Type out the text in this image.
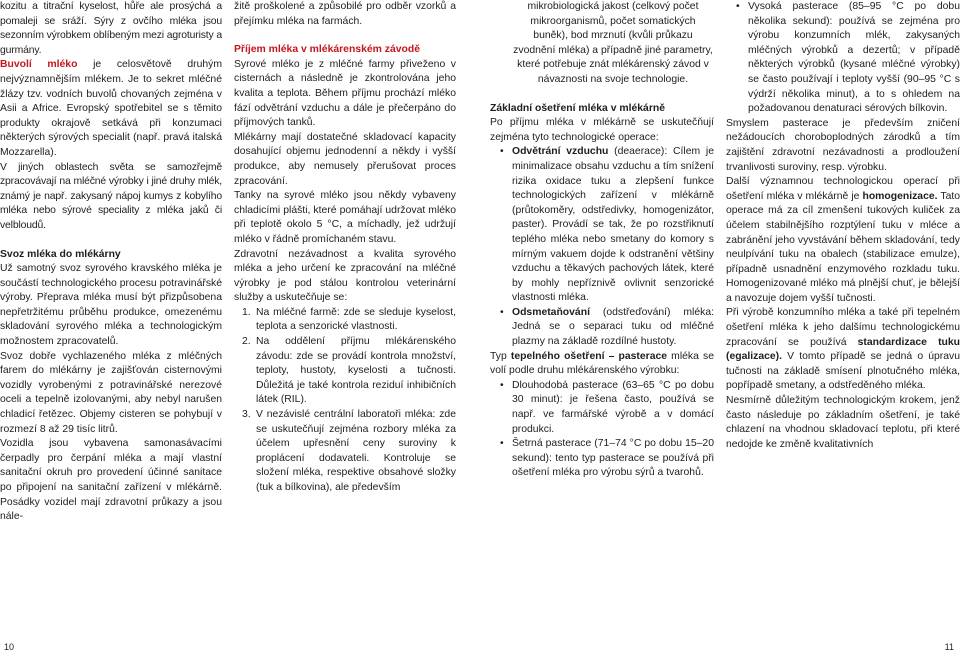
kozitu a titrační kyselost, hůře ale prosýchá a pomaleji se sráží. Sýry z ovčího mléka jsou sezonním výrobkem oblíbeným mezi agroturisty a gurmány.

Buvolí mléko je celosvětově druhým nejvýznamnějším mlékem. Je to sekret mléčné žlázy tzv. vodních buvolů chovaných zejména v Asii a Africe. Evropský spotřebitel se s těmito produkty okrajově setkává při konzumaci některých sýrových specialit (např. pravá italská Mozzarella).

V jiných oblastech světa se samozřejmě zpracovávají na mléčné výrobky i jiné druhy mlék, známý je např. zakysaný nápoj kumys z kobylího mléka nebo sýrové speciality z mléka jaků či velbloudů.

Svoz mléka do mlékárny

Už samotný svoz syrového kravského mléka je součástí technologického procesu potravinářské výroby. Přeprava mléka musí být přizpůsobena nepřetržitému průběhu produkce, omezenému skladování syrového mléka a technologickým možnostem zpracovatelů.

Svoz dobře vychlazeného mléka z mléčných farem do mlékárny je zajišťován cisternovými vozidly vyrobenými z potravinářské nerezové oceli a tepelně izolovanými, aby nebyl narušen chladicí řetězec. Objemy cisteren se pohybují v rozmezí 8 až 29 tisíc litrů.

Vozidla jsou vybavena samonasávacími čerpadly pro čerpání mléka a mají vlastní sanitační okruh pro provedení účinné sanitace po připojení na sanitační zařízení v mlékárně. Posádky vozidel mají zdravotní průkazy a jsou nále-

žitě proškolené a způsobilé pro odběr vzorků a přejímku mléka na farmách.

Příjem mléka v mlékárenském závodě

Syrové mléko je z mléčné farmy přiveženo v cisternách a následně je zkontrolována jeho kvalita a teplota. Během příjmu prochází mléko fází odvětrání vzduchu a dále je přečerpáno do příjmových tanků.

Mlékárny mají dostatečné skladovací kapacity dosahující objemu jednodenní a někdy i vyšší produkce, aby nemusely přerušovat proces zpracování.

Tanky na syrové mléko jsou někdy vybaveny chladicími plášti, které pomáhají udržovat mléko při teplotě okolo 5 °C, a míchadly, jež udržují mléko v řádně promíchaném stavu.

Zdravotní nezávadnost a kvalita syrového mléka a jeho určení ke zpracování na mléčné výrobky je pod stálou kontrolou veterinární služby a uskutečňuje se:

1. Na mléčné farmě: zde se sleduje kyselost, teplota a senzorické vlastnosti.
2. Na oddělení příjmu mlékárenského závodu: zde se provádí kontrola množství, teploty, hustoty, kyselosti a tučnosti. Důležitá je také kontrola reziduí inhibičních látek (RIL).
3. V nezávislé centrální laboratoři mléka: zde se uskutečňují zejména rozbory mléka za účelem upřesnění ceny suroviny k proplácení dodavateli. Kontroluje se složení mléka, respektive obsahové složky (tuk a bílkovina), ale především

mikrobiologická jakost (celkový počet mikroorganismů, počet somatických buněk), bod mrznutí (kvůli průkazu zvodnění mléka) a případně jiné parametry, které potřebuje znát mlékárenský závod v návaznosti na svoje technologie.

Základní ošetření mléka v mlékárně

Po příjmu mléka v mlékárně se uskutečňují zejména tyto technologické operace:

• Odvětrání vzduchu (deaerace): Cílem je minimalizace obsahu vzduchu a tím snížení rizika oxidace tuku a zlepšení funkce technologických zařízení v mlékárně (průtokoměry, odstředivky, homogenizátor, paster). Provádí se tak, že po rozstřiknutí teplého mléka nebo smetany do komory s mírným vakuem dojde k odstranění většiny vzduchu a těkavých pachových látek, které by mohly nepříznivě ovlivnit senzorické vlastnosti mléka.
• Odsmetaňování (odstřeďování) mléka: Jedná se o separaci tuku od mléčné plazmy na základě rozdílné hustoty.

Typ tepelného ošetření – pasterace mléka se volí podle druhu mlékárenského výrobku:

• Dlouhodobá pasterace (63–65 °C po dobu 30 minut): je řešena často, používá se např. ve farmářské výrobě a v domácí produkci.
• Šetrná pasterace (71–74 °C po dobu 15–20 sekund): tento typ pasterace se používá při ošetření mléka pro výrobu sýrů a tvarohů.
• Vysoká pasterace (85–95 °C po dobu několika sekund): používá se zejména pro výrobu konzumních mlék, zakysaných mléčných výrobků a dezertů; v případě některých výrobků (kysané mléčné výrobky) se často používají i teploty vyšší (90–95 °C s výdrží několika minut), a to s ohledem na požadovanou denaturaci sérových bílkovin.

Smyslem pasterace je především zničení nežádoucích choroboplodných zárodků a tím zajištění zdravotní nezávadnosti a prodloužení trvanlivosti suroviny, resp. výrobku.

Další významnou technologickou operací při ošetření mléka v mlékárně je homogenizace. Tato operace má za cíl zmenšení tukových kuliček za účelem stabilnějšího rozptýlení tuku v mléce a zabránění jeho vyvstávání během skladování, tedy neulpívání tuku na obalech (stabilizace emulze), případně usnadnění enzymového rozkladu tuku. Homogenizované mléko má plnější chuť, je bělejší a navozuje dojem vyšší tučnosti.

Při výrobě konzumního mléka a také při tepelném ošetření mléka k jeho dalšímu technologickému zpracování se používá standardizace tuku (egalizace). V tomto případě se jedná o úpravu tučnosti na základě smísení plnotučného mléka, popřípadě smetany, a odstředěného mléka.

Nesmírně důležitým technologickým krokem, jenž často následuje po základním ošetření, je také chlazení na vhodnou skladovací teplotu, při které nedojde ke změně kvalitativních

10	11
